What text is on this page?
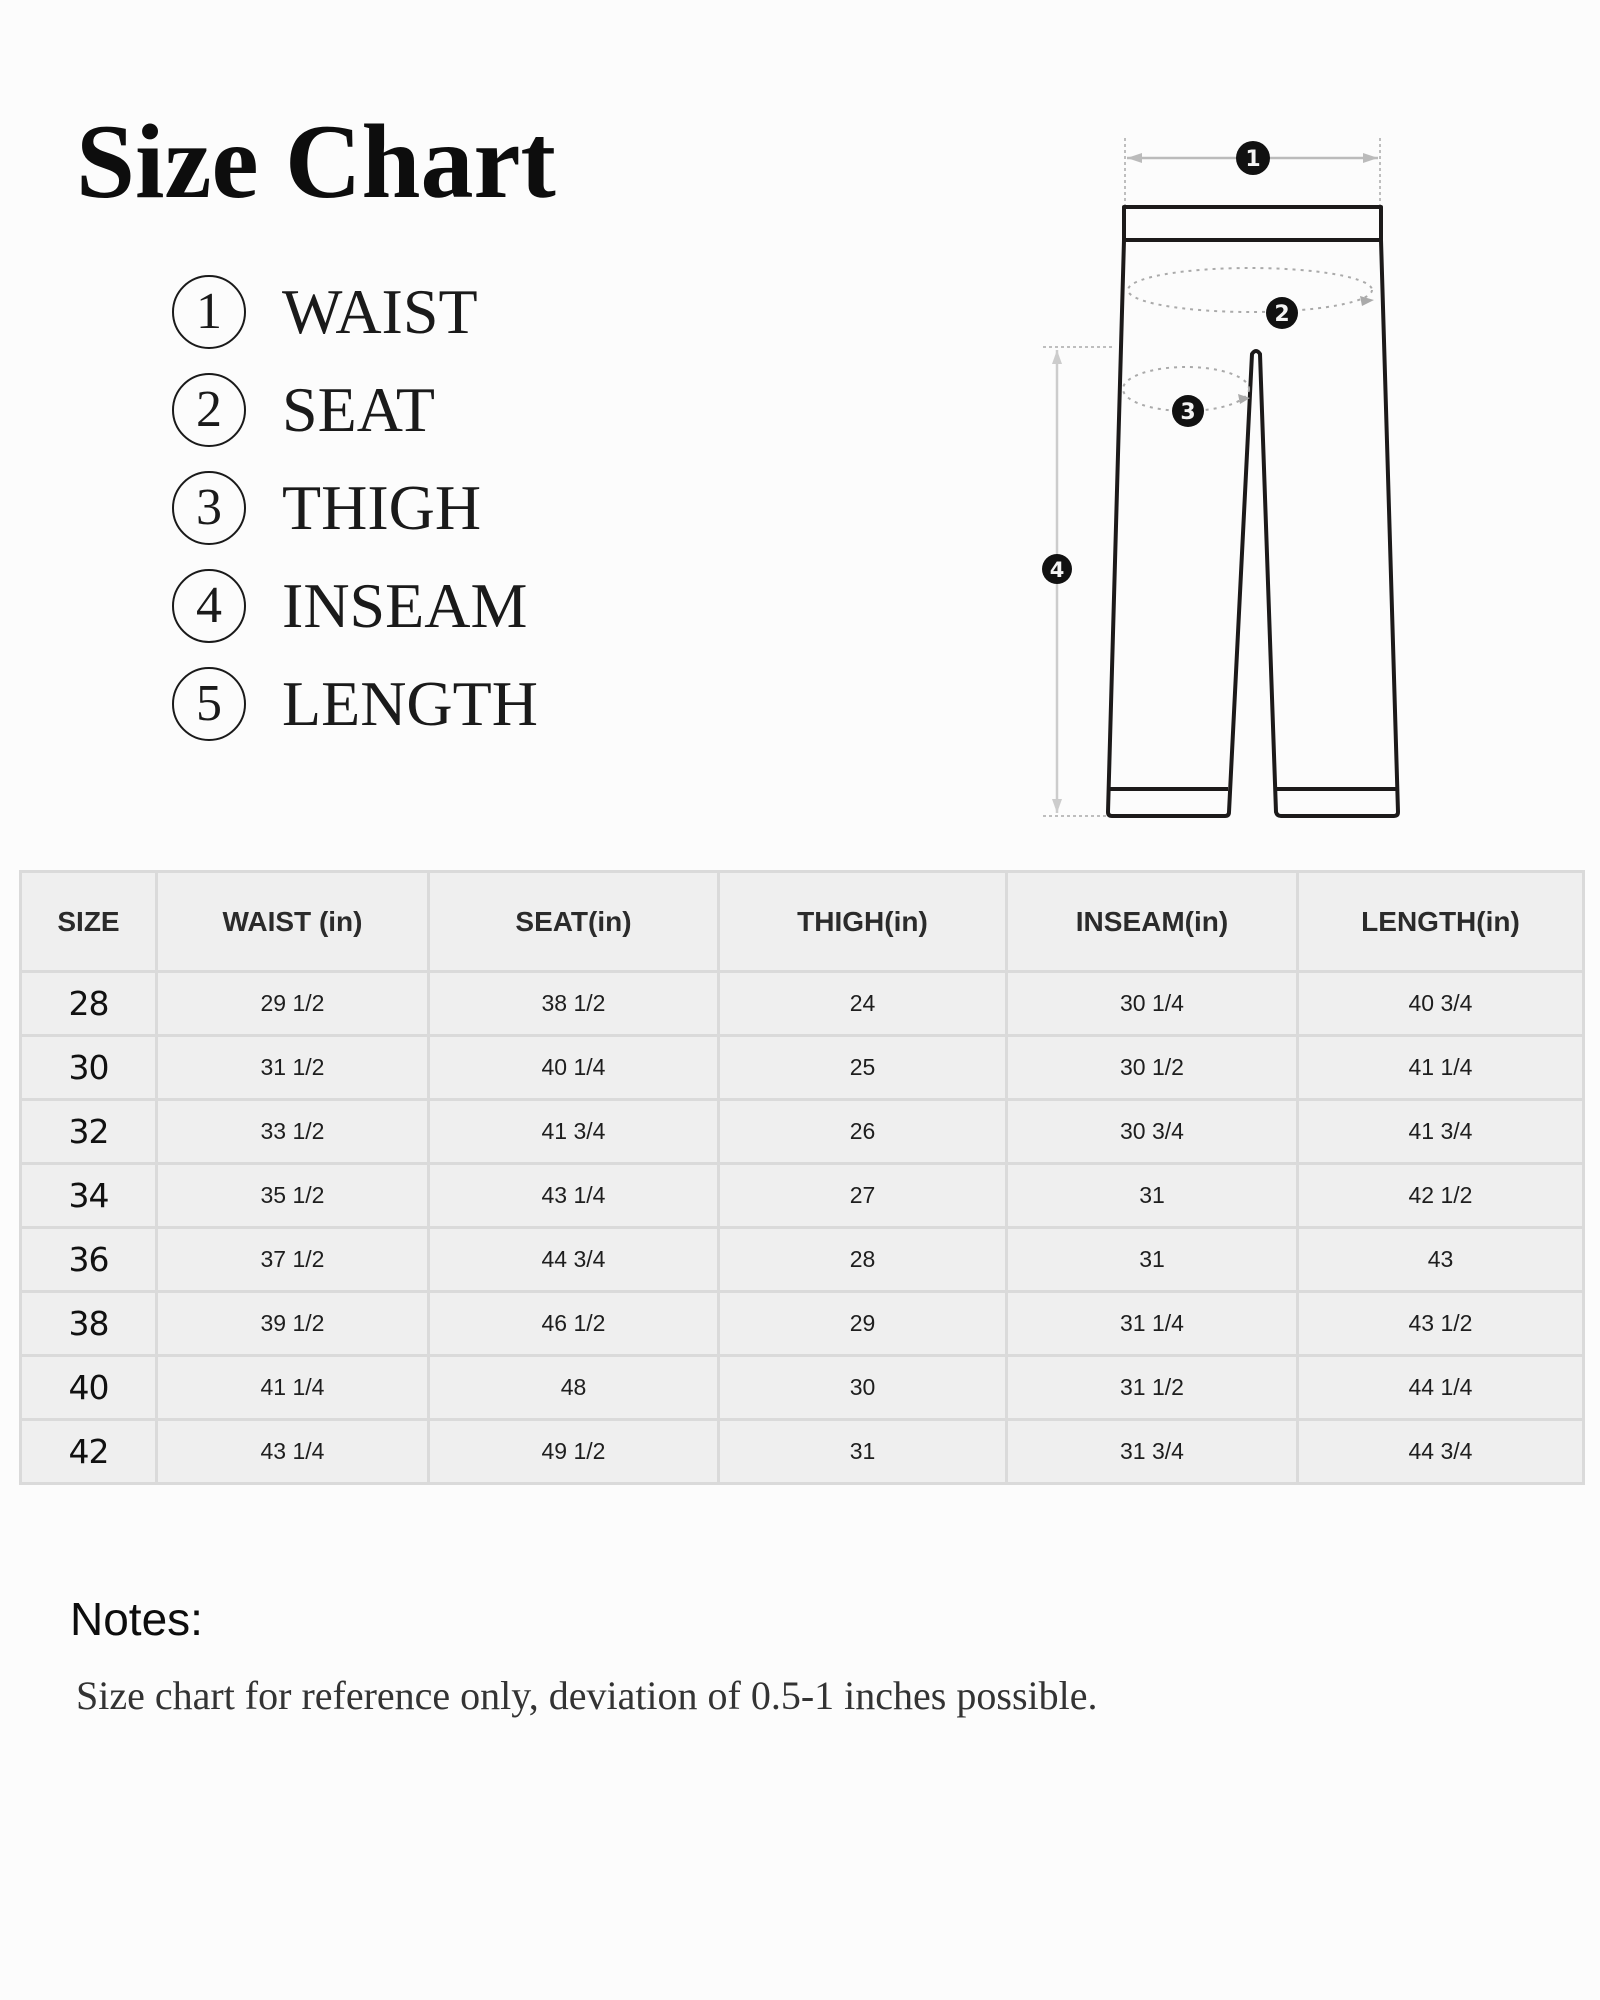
Size Chart
1 WAIST
2 SEAT
3 THIGH
4 INSEAM
5 LENGTH
1
2
3
4
SIZE	WAIST (in)	SEAT(in)	THIGH(in)	INSEAM(in)	LENGTH(in)
28	29 1/2	38 1/2	24	30 1/4	40 3/4
30	31 1/2	40 1/4	25	30 1/2	41 1/4
32	33 1/2	41 3/4	26	30 3/4	41 3/4
34	35 1/2	43 1/4	27	31	42 1/2
36	37 1/2	44 3/4	28	31	43
38	39 1/2	46 1/2	29	31 1/4	43 1/2
40	41 1/4	48	30	31 1/2	44 1/4
42	43 1/4	49 1/2	31	31 3/4	44 3/4
Notes:
Size chart for reference only, deviation of 0.5-1 inches possible.
